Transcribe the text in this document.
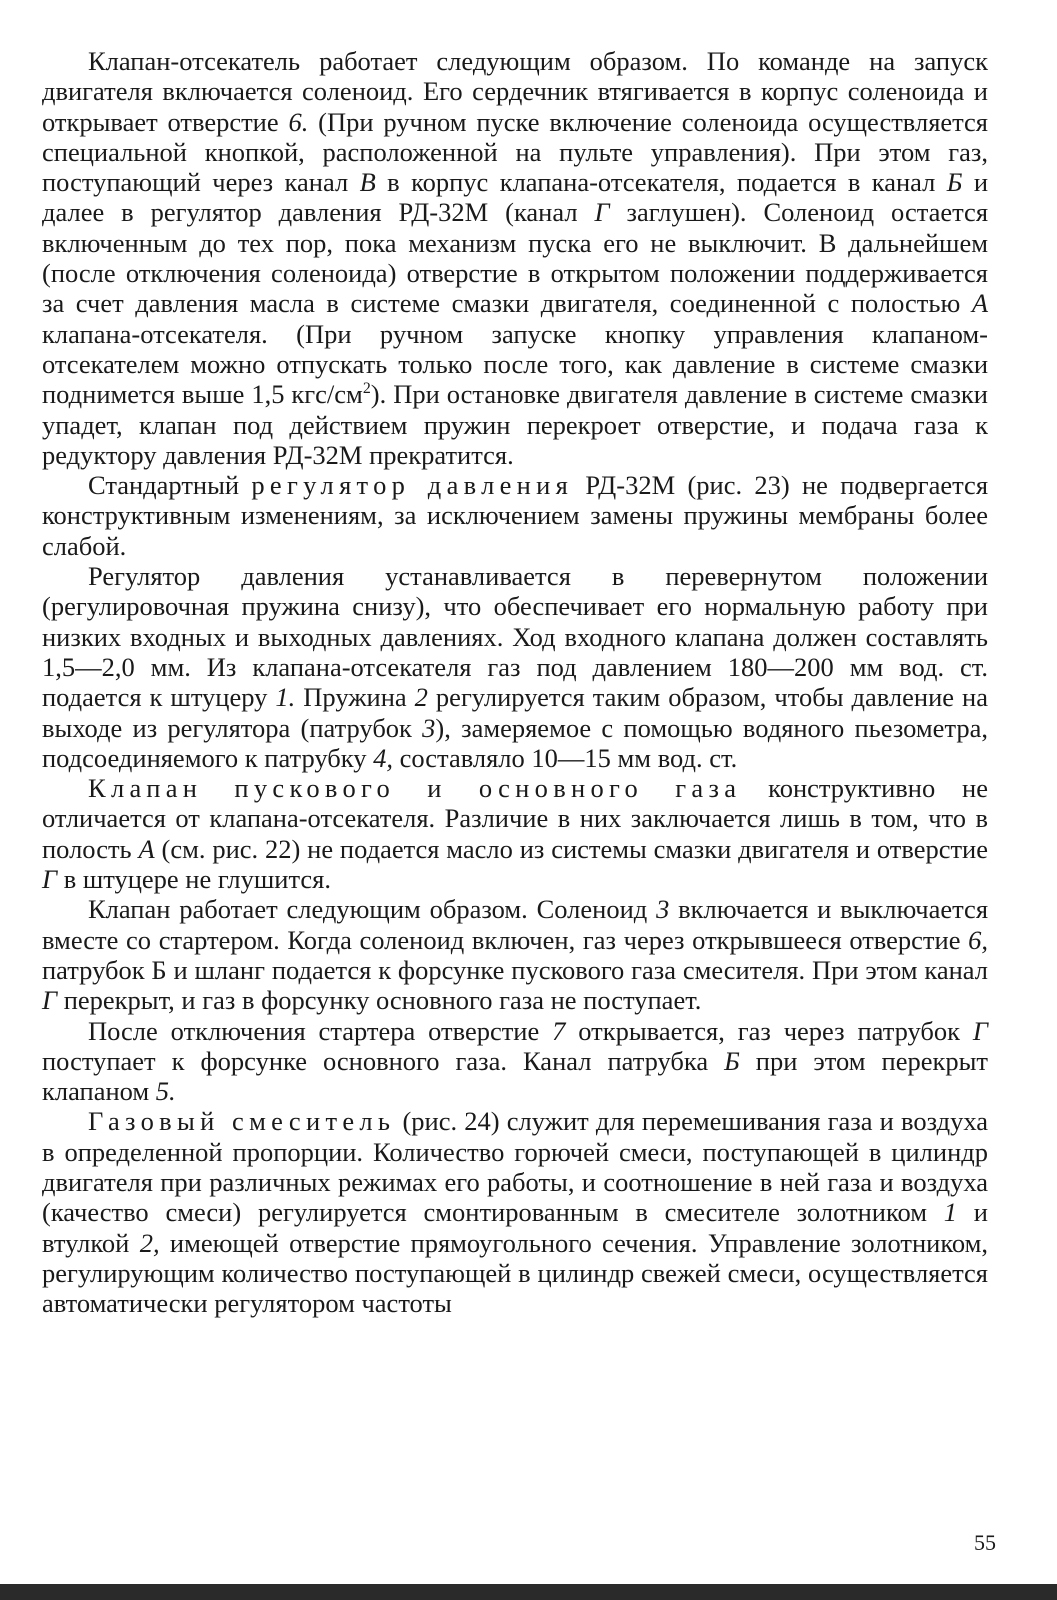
Клапан-отсекатель работает следующим образом. По команде на запуск двигателя включается соленоид. Его сердечник втягивается в корпус соленоида и открывает отверстие 6. (При ручном пуске включение соленоида осуществляется специальной кнопкой, расположенной на пульте управления). При этом газ, поступающий через канал В в корпус клапана-отсекателя, подается в канал Б и далее в регулятор давления РД-32М (канал Г заглушен). Соленоид остается включенным до тех пор, пока механизм пуска его не выключит. В дальнейшем (после отключения соленоида) отверстие в открытом положении поддерживается за счет давления масла в системе смазки двигателя, соединенной с полостью А клапана-отсекателя. (При ручном запуске кнопку управления клапаном-отсекателем можно отпускать только после того, как давление в системе смазки поднимется выше 1,5 кгс/$см^2$). При остановке двигателя давление в системе смазки упадет, клапан под действием пружин перекроет отверстие, и подача газа к редуктору давления РД-32М прекратится.

Стандартный регулятор давления РД-32М (рис. 23) не подвергается конструктивным изменениям, за исключением замены пружины мембраны более слабой.

Регулятор давления устанавливается в перевернутом положении (регулировочная пружина снизу), что обеспечивает его нормальную работу при низких входных и выходных давлениях. Ход входного клапана должен составлять 1,5—2,0 мм. Из клапана-отсекателя газ под давлением 180—200 мм вод. ст. подается к штуцеру 1. Пружина 2 регулируется таким образом, чтобы давление на выходе из регулятора (патрубок 3), замеряемое с помощью водяного пьезометра, подсоединяемого к патрубку 4, составляло 10—15 мм вод. ст.

Клапан пускового и основного газа конструктивно не отличается от клапана-отсекателя. Различие в них заключается лишь в том, что в полость А (см. рис. 22) не подается масло из системы смазки двигателя и отверстие Г в штуцере не глушится.

Клапан работает следующим образом. Соленоид 3 включается и выключается вместе со стартером. Когда соленоид включен, газ через открывшееся отверстие 6, патрубок Б и шланг подается к форсунке пускового газа смесителя. При этом канал Г перекрыт, и газ в форсунку основного газа не поступает.

После отключения стартера отверстие 7 открывается, газ через патрубок Г поступает к форсунке основного газа. Канал патрубка Б при этом перекрыт клапаном 5.

Газовый смеситель (рис. 24) служит для перемешивания газа и воздуха в определенной пропорции. Количество горючей смеси, поступающей в цилиндр двигателя при различных режимах его работы, и соотношение в ней газа и воздуха (качество смеси) регулируется смонтированным в смесителе золотником 1 и втулкой 2, имеющей отверстие прямоугольного сечения. Управление золотником, регулирующим количество поступающей в цилиндр свежей смеси, осуществляется автоматически регулятором частоты

55
